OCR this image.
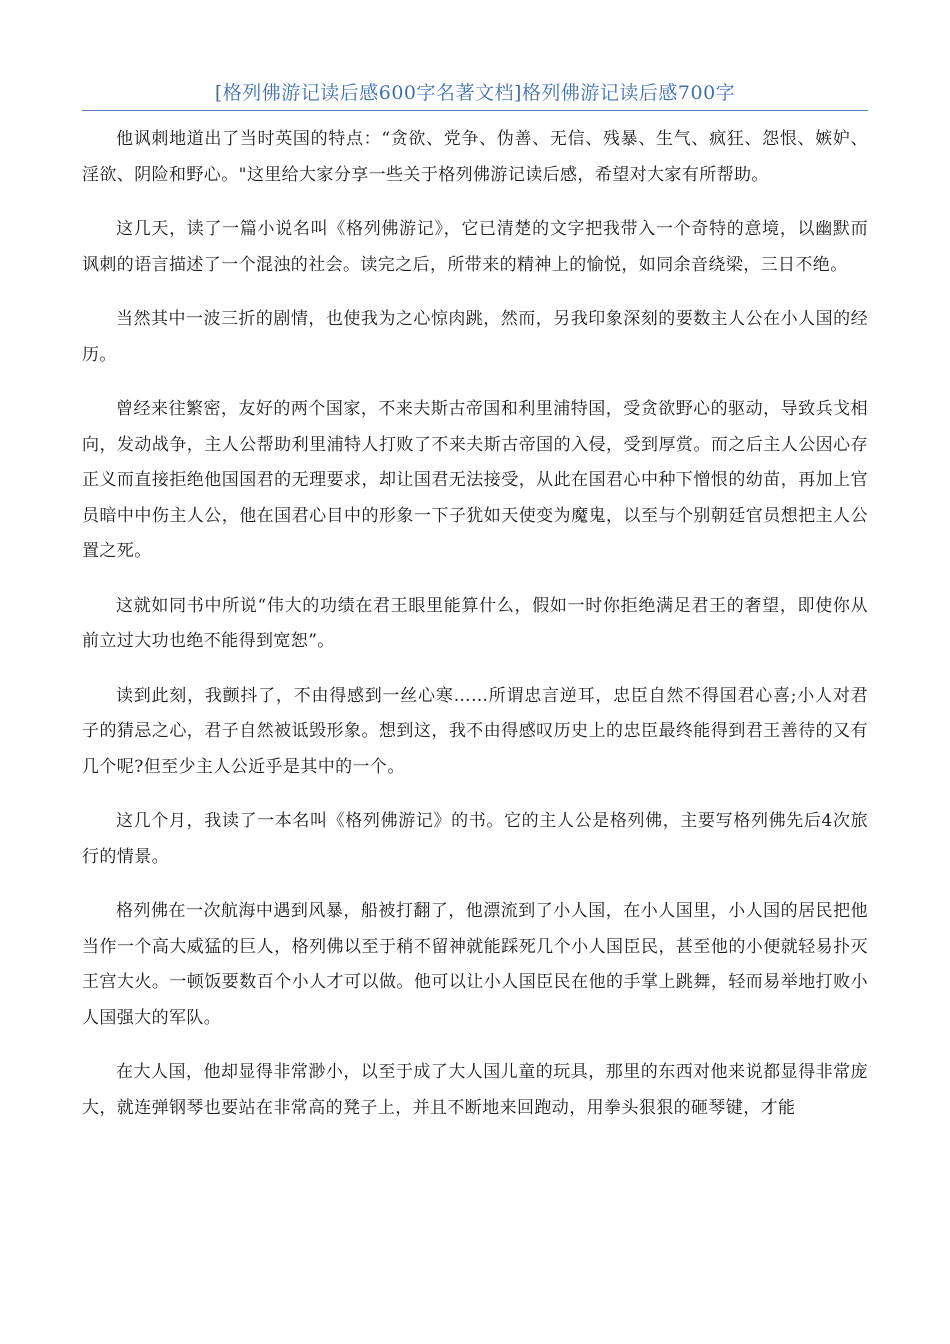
[格列佛游记读后感600字名著文档]格列佛游记读后感700字

他讽刺地道出了当时英国的特点：“贪欲、党争、伪善、无信、残暴、生气、疯狂、怨恨、嫉妒、淫欲、阴险和野心。"这里给大家分享一些关于格列佛游记读后感，希望对大家有所帮助。

这几天，读了一篇小说名叫《格列佛游记》，它已清楚的文字把我带入一个奇特的意境，以幽默而讽刺的语言描述了一个混浊的社会。读完之后，所带来的精神上的愉悦，如同余音绕梁，三日不绝。

当然其中一波三折的剧情，也使我为之心惊肉跳，然而，另我印象深刻的要数主人公在小人国的经历。

曾经来往繁密，友好的两个国家，不来夫斯古帝国和利里浦特国，受贪欲野心的驱动，导致兵戈相向，发动战争，主人公帮助利里浦特人打败了不来夫斯古帝国的入侵，受到厚赏。而之后主人公因心存正义而直接拒绝他国国君的无理要求，却让国君无法接受，从此在国君心中种下憎恨的幼苗，再加上官员暗中中伤主人公，他在国君心目中的形象一下子犹如天使变为魔鬼，以至与个别朝廷官员想把主人公置之死。

这就如同书中所说“伟大的功绩在君王眼里能算什么，假如一时你拒绝满足君王的奢望，即使你从前立过大功也绝不能得到宽恕”。

读到此刻，我颤抖了，不由得感到一丝心寒……所谓忠言逆耳，忠臣自然不得国君心喜;小人对君子的猜忌之心，君子自然被诋毁形象。想到这，我不由得感叹历史上的忠臣最终能得到君王善待的又有几个呢?但至少主人公近乎是其中的一个。

这几个月，我读了一本名叫《格列佛游记》的书。它的主人公是格列佛，主要写格列佛先后4次旅行的情景。

格列佛在一次航海中遇到风暴，船被打翻了，他漂流到了小人国，在小人国里，小人国的居民把他当作一个高大威猛的巨人，格列佛以至于稍不留神就能踩死几个小人国臣民，甚至他的小便就轻易扑灭王宫大火。一顿饭要数百个小人才可以做。他可以让小人国臣民在他的手掌上跳舞，轻而易举地打败小人国强大的军队。

在大人国，他却显得非常渺小，以至于成了大人国儿童的玩具，那里的东西对他来说都显得非常庞大，就连弹钢琴也要站在非常高的凳子上，并且不断地来回跑动，用拳头狠狠的砸琴键，才能
